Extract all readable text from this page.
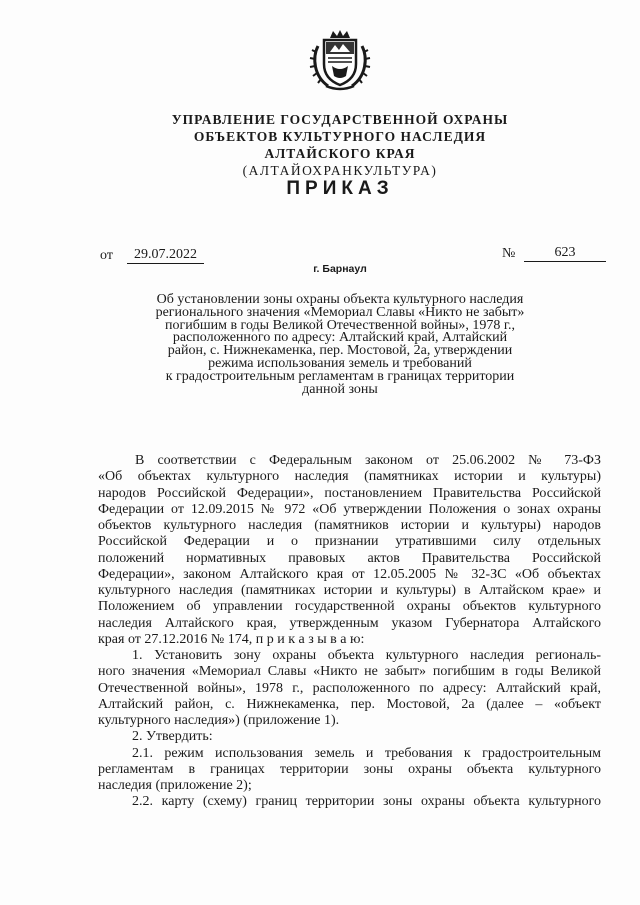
УПРАВЛЕНИЕ ГОСУДАРСТВЕННОЙ ОХРАНЫ
ОБЪЕКТОВ КУЛЬТУРНОГО НАСЛЕДИЯ
АЛТАЙСКОГО КРАЯ
(АЛТАЙОХРАНКУЛЬТУРА)
ПРИКАЗ
от	29.07.2022	№	623
г. Барнаул
Об установлении зоны охраны объекта культурного наследия
регионального значения «Мемориал Славы «Никто не забыт»
погибшим в годы Великой Отечественной войны», 1978 г.,
расположенного по адресу: Алтайский край, Алтайский
район, с. Нижнекаменка, пер. Мостовой, 2а, утверждении
режима использования земель и требований
к градостроительным регламентам в границах территории
данной зоны
В соответствии с Федеральным законом от 25.06.2002 № 73-ФЗ
«Об объектах культурного наследия (памятниках истории и культуры)
народов Российской Федерации», постановлением Правительства Российской
Федерации от 12.09.2015 № 972 «Об утверждении Положения о зонах охраны
объектов культурного наследия (памятников истории и культуры) народов
Российской Федерации и о признании утратившими силу отдельных
положений нормативных правовых актов Правительства Российской
Федерации», законом Алтайского края от 12.05.2005 № 32-ЗС «Об объектах
культурного наследия (памятниках истории и культуры) в Алтайском крае» и
Положением об управлении государственной охраны объектов культурного
наследия Алтайского края, утвержденным указом Губернатора Алтайского
края от 27.12.2016 № 174, п р и к а з ы в а ю:
1. Установить зону охраны объекта культурного наследия региональ-
ного значения «Мемориал Славы «Никто не забыт» погибшим в годы Великой
Отечественной войны», 1978 г., расположенного по адресу: Алтайский край,
Алтайский район, с. Нижнекаменка, пер. Мостовой, 2а (далее – «объект
культурного наследия») (приложение 1).
2. Утвердить:
2.1. режим использования земель и требования к градостроительным
регламентам в границах территории зоны охраны объекта культурного
наследия (приложение 2);
2.2. карту (схему) границ территории зоны охраны объекта культурного
